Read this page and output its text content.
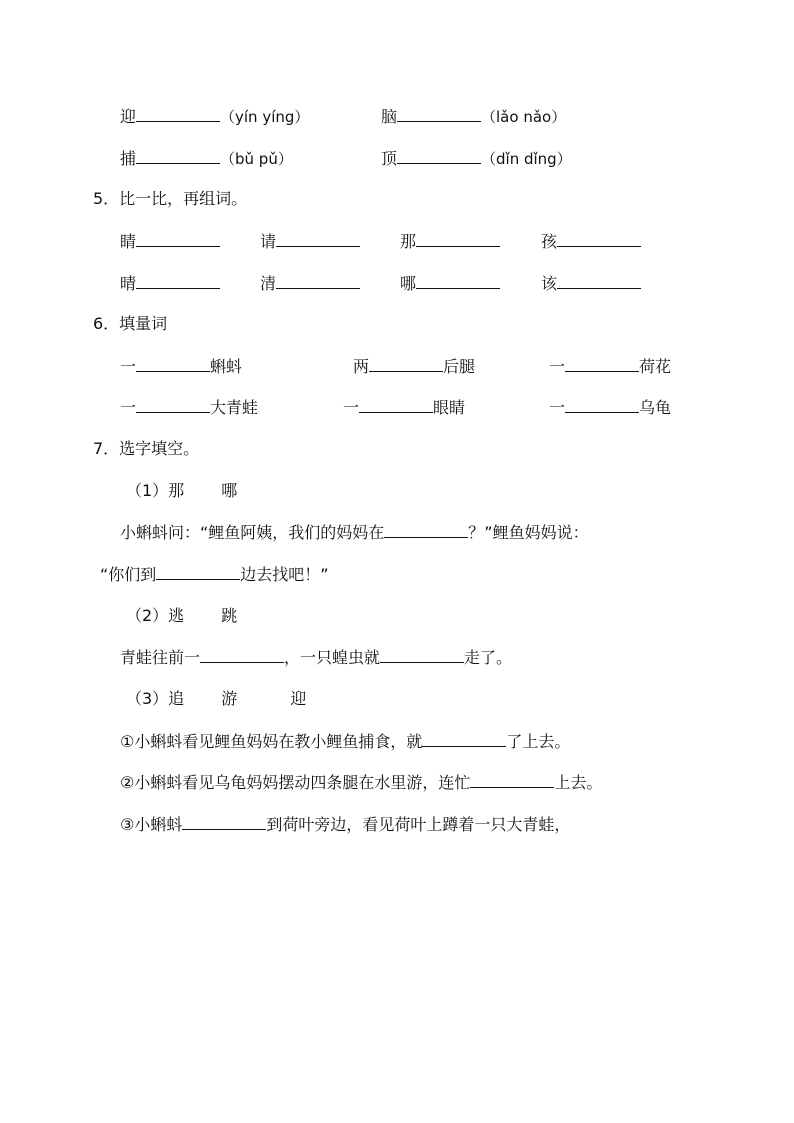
迎	（yín yíng）	脑	（lǎo nǎo）
捕	（bǔ pǔ）	顶	（dǐn dǐng）
5．比一比，再组词。
睛	请	那	孩
晴	清	哪	该
6．填量词
一	蝌蚪	两	后腿	一	荷花
一	大青蛙	一	眼睛	一	乌龟
7．选字填空。
（1）那　　 哪
小蝌蚪问：“鲤鱼阿姨，我们的妈妈在	？”鲤鱼妈妈说：
“你们到	边去找吧！”
（2）逃　　 跳
青蛙往前一	，一只蝗虫就	走了。
（3）追　　 游　　　 迎
①小蝌蚪看见鲤鱼妈妈在教小鲤鱼捕食，就	了上去。
②小蝌蚪看见乌龟妈妈摆动四条腿在水里游，连忙	上去。
③小蝌蚪	到荷叶旁边，看见荷叶上蹲着一只大青蛙，
